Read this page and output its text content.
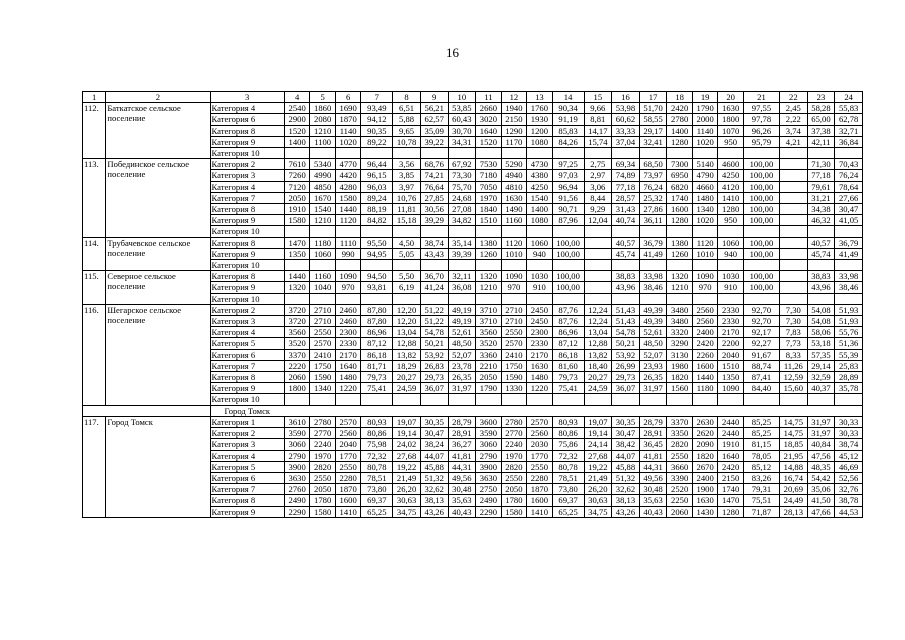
16
1	2	3	4	5	6	7	8	9	10	11	12	13	14	15	16	17	18	19	20	21	22	23	24
112.	Баткатское сельское поселение	Категория 4	2540	1860	1690	93,49	6,51	56,21	53,85	2660	1940	1760	90,34	9,66	53,98	51,70	2420	1790	1630	97,55	2,45	58,28	55,83
		Категория 6	2900	2080	1870	94,12	5,88	62,57	60,43	3020	2150	1930	91,19	8,81	60,62	58,55	2780	2000	1800	97,78	2,22	65,00	62,78
		Категория 8	1520	1210	1140	90,35	9,65	35,09	30,70	1640	1290	1200	85,83	14,17	33,33	29,17	1400	1140	1070	96,26	3,74	37,38	32,71
		Категория 9	1400	1100	1020	89,22	10,78	39,22	34,31	1520	1170	1080	84,26	15,74	37,04	32,41	1280	1020	950	95,79	4,21	42,11	36,84
		Категория 10																					
113.	Побединское сельское поселение	Категория 2	7610	5340	4770	96,44	3,56	68,76	67,92	7530	5290	4730	97,25	2,75	69,34	68,50	7300	5140	4600	100,00		71,30	70,43
		Категория 3	7260	4990	4420	96,15	3,85	74,21	73,30	7180	4940	4380	97,03	2,97	74,89	73,97	6950	4790	4250	100,00		77,18	76,24
		Категория 4	7120	4850	4280	96,03	3,97	76,64	75,70	7050	4810	4250	96,94	3,06	77,18	76,24	6820	4660	4120	100,00		79,61	78,64
		Категория 7	2050	1670	1580	89,24	10,76	27,85	24,68	1970	1630	1540	91,56	8,44	28,57	25,32	1740	1480	1410	100,00		31,21	27,66
		Категория 8	1910	1540	1440	88,19	11,81	30,56	27,08	1840	1490	1400	90,71	9,29	31,43	27,86	1600	1340	1280	100,00		34,38	30,47
		Категория 9	1580	1210	1120	84,82	15,18	39,29	34,82	1510	1160	1080	87,96	12,04	40,74	36,11	1280	1020	950	100,00		46,32	41,05
		Категория 10																					
114.	Трубачевское сельское поселение	Категория 8	1470	1180	1110	95,50	4,50	38,74	35,14	1380	1120	1060	100,00		40,57	36,79	1380	1120	1060	100,00		40,57	36,79
		Категория 9	1350	1060	990	94,95	5,05	43,43	39,39	1260	1010	940	100,00		45,74	41,49	1260	1010	940	100,00		45,74	41,49
		Категория 10																					
115.	Северное сельское поселение	Категория 8	1440	1160	1090	94,50	5,50	36,70	32,11	1320	1090	1030	100,00		38,83	33,98	1320	1090	1030	100,00		38,83	33,98
		Категория 9	1320	1040	970	93,81	6,19	41,24	36,08	1210	970	910	100,00		43,96	38,46	1210	970	910	100,00		43,96	38,46
		Категория 10																					
116.	Шегарское сельское поселение	Категория 2	3720	2710	2460	87,80	12,20	51,22	49,19	3710	2710	2450	87,76	12,24	51,43	49,39	3480	2560	2330	92,70	7,30	54,08	51,93
		Категория 3	3720	2710	2460	87,80	12,20	51,22	49,19	3710	2710	2450	87,76	12,24	51,43	49,39	3480	2560	2330	92,70	7,30	54,08	51,93
		Категория 4	3560	2550	2300	86,96	13,04	54,78	52,61	3560	2550	2300	86,96	13,04	54,78	52,61	3320	2400	2170	92,17	7,83	58,06	55,76
		Категория 5	3520	2570	2330	87,12	12,88	50,21	48,50	3520	2570	2330	87,12	12,88	50,21	48,50	3290	2420	2200	92,27	7,73	53,18	51,36
		Категория 6	3370	2410	2170	86,18	13,82	53,92	52,07	3360	2410	2170	86,18	13,82	53,92	52,07	3130	2260	2040	91,67	8,33	57,35	55,39
		Категория 7	2220	1750	1640	81,71	18,29	26,83	23,78	2210	1750	1630	81,60	18,40	26,99	23,93	1980	1600	1510	88,74	11,26	29,14	25,83
		Категория 8	2060	1590	1480	79,73	20,27	29,73	26,35	2050	1590	1480	79,73	20,27	29,73	26,35	1820	1440	1350	87,41	12,59	32,59	28,89
		Категория 9	1800	1340	1220	75,41	24,59	36,07	31,97	1790	1330	1220	75,41	24,59	36,07	31,97	1560	1180	1090	84,40	15,60	40,37	35,78
		Категория 10																					
		Город Томск																					
117.	Город Томск	Категория 1	3610	2780	2570	80,93	19,07	30,35	28,79	3600	2780	2570	80,93	19,07	30,35	28,79	3370	2630	2440	85,25	14,75	31,97	30,33
		Категория 2	3590	2770	2560	80,86	19,14	30,47	28,91	3590	2770	2560	80,86	19,14	30,47	28,91	3350	2620	2440	85,25	14,75	31,97	30,33
		Категория 3	3060	2240	2040	75,98	24,02	38,24	36,27	3060	2240	2030	75,86	24,14	38,42	36,45	2820	2090	1910	81,15	18,85	40,84	38,74
		Категория 4	2790	1970	1770	72,32	27,68	44,07	41,81	2790	1970	1770	72,32	27,68	44,07	41,81	2550	1820	1640	78,05	21,95	47,56	45,12
		Категория 5	3900	2820	2550	80,78	19,22	45,88	44,31	3900	2820	2550	80,78	19,22	45,88	44,31	3660	2670	2420	85,12	14,88	48,35	46,69
		Категория 6	3630	2550	2280	78,51	21,49	51,32	49,56	3630	2550	2280	78,51	21,49	51,32	49,56	3390	2400	2150	83,26	16,74	54,42	52,56
		Категория 7	2760	2050	1870	73,80	26,20	32,62	30,48	2750	2050	1870	73,80	26,20	32,62	30,48	2520	1900	1740	79,31	20,69	35,06	32,76
		Категория 8	2490	1780	1600	69,37	30,63	38,13	35,63	2490	1780	1600	69,37	30,63	38,13	35,63	2250	1630	1470	75,51	24,49	41,50	38,78
		Категория 9	2290	1580	1410	65,25	34,75	43,26	40,43	2290	1580	1410	65,25	34,75	43,26	40,43	2060	1430	1280	71,87	28,13	47,66	44,53
